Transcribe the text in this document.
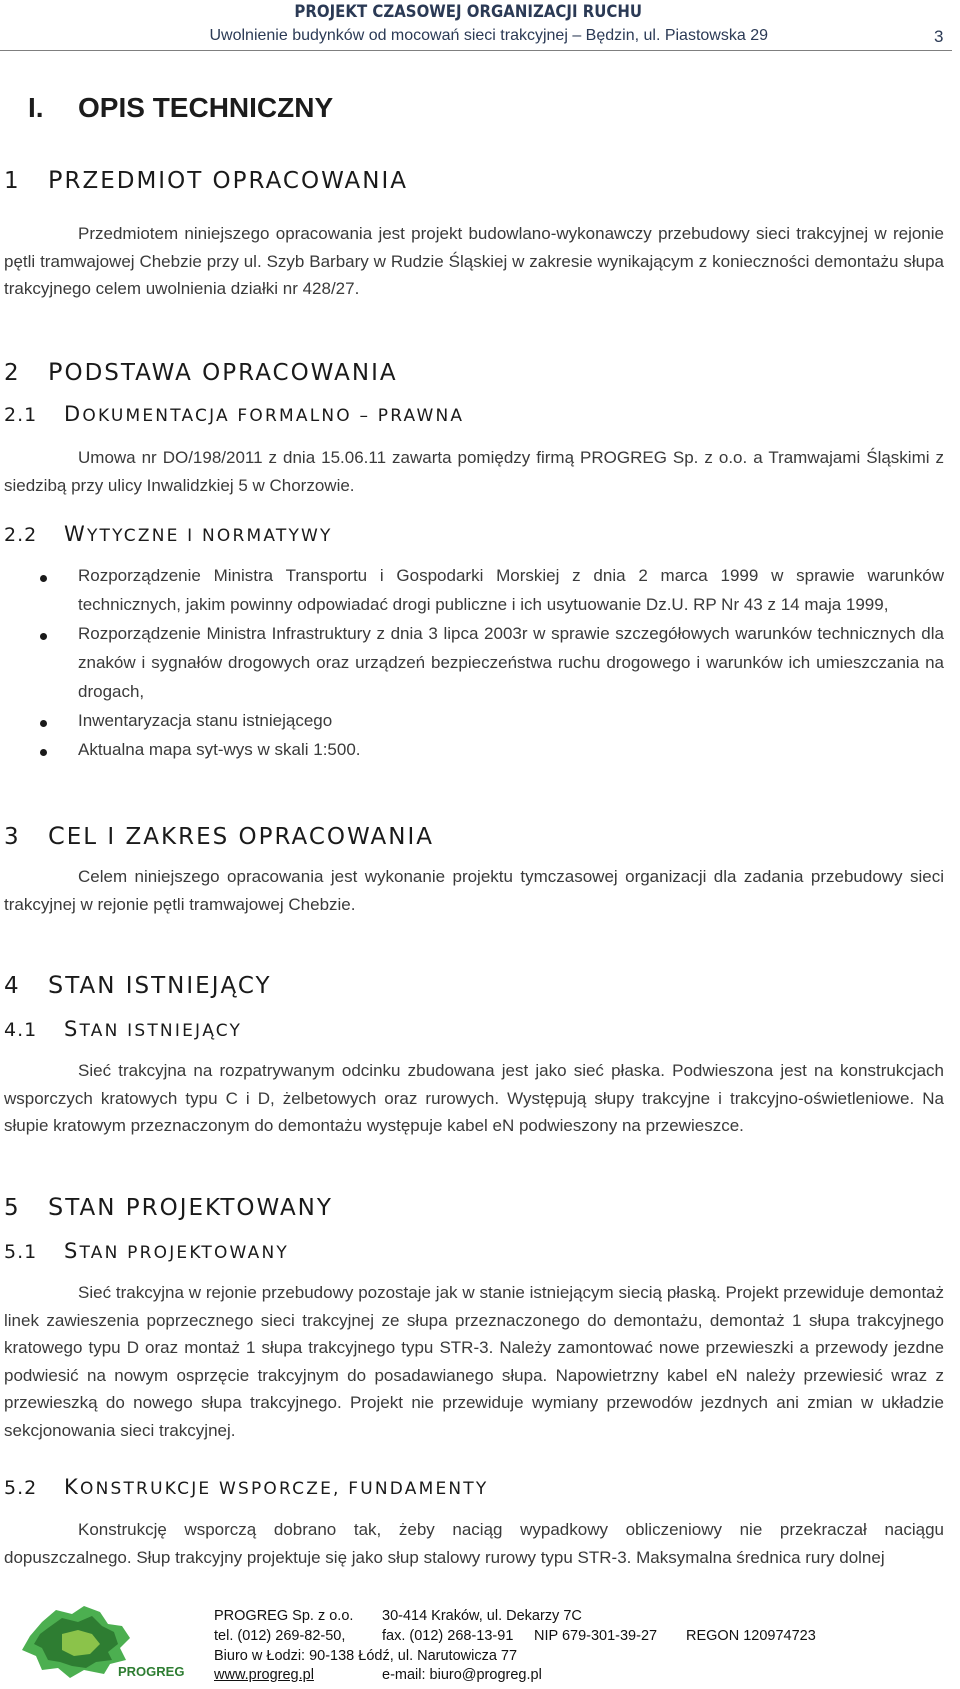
PROJEKT CZASOWEJ ORGANIZACJI RUCHU
Uwolnienie budynków od mocowań sieci trakcyjnej – Będzin, ul. Piastowska 29	3
I. OPIS TECHNICZNY
1 PRZEDMIOT OPRACOWANIA
Przedmiotem niniejszego opracowania jest projekt budowlano-wykonawczy przebudowy sieci trakcyjnej w rejonie pętli tramwajowej Chebzie przy ul. Szyb Barbary w Rudzie Śląskiej w zakresie wynikającym z konieczności demontażu słupa trakcyjnego celem uwolnienia działki nr 428/27.
2 PODSTAWA OPRACOWANIA
2.1 DOKUMENTACJA FORMALNO – PRAWNA
Umowa nr DO/198/2011 z dnia 15.06.11 zawarta pomiędzy firmą PROGREG Sp. z o.o. a Tramwajami Śląskimi z siedzibą przy ulicy Inwalidzkiej 5 w Chorzowie.
2.2 WYTYCZNE I NORMATYWY
Rozporządzenie Ministra Transportu i Gospodarki Morskiej z dnia 2 marca 1999 w sprawie warunków technicznych, jakim powinny odpowiadać drogi publiczne i ich usytuowanie Dz.U. RP Nr 43 z 14 maja 1999,
Rozporządzenie Ministra Infrastruktury z dnia 3 lipca 2003r w sprawie szczegółowych warunków technicznych dla znaków i sygnałów drogowych oraz urządzeń bezpieczeństwa ruchu drogowego i warunków ich umieszczania na drogach,
Inwentaryzacja stanu istniejącego
Aktualna mapa syt-wys w skali 1:500.
3 CEL I ZAKRES OPRACOWANIA
Celem niniejszego opracowania jest wykonanie projektu tymczasowej organizacji dla zadania przebudowy sieci trakcyjnej w rejonie pętli tramwajowej Chebzie.
4 STAN ISTNIEJĄCY
4.1 STAN ISTNIEJĄCY
Sieć trakcyjna na rozpatrywanym odcinku zbudowana jest jako sieć płaska. Podwieszona jest na konstrukcjach wsporczych kratowych typu C i D, żelbetowych oraz rurowych. Występują słupy trakcyjne i trakcyjno-oświetleniowe. Na słupie kratowym przeznaczonym do demontażu występuje kabel eN podwieszony na przewieszce.
5 STAN PROJEKTOWANY
5.1 STAN PROJEKTOWANY
Sieć trakcyjna w rejonie przebudowy pozostaje jak w stanie istniejącym siecią płaską. Projekt przewiduje demontaż linek zawieszenia poprzecznego sieci trakcyjnej ze słupa przeznaczonego do demontażu, demontaż 1 słupa trakcyjnego kratowego typu D oraz montaż 1 słupa trakcyjnego typu STR-3. Należy zamontować nowe przewieszki a przewody jezdne podwiesić na nowym osprzęcie trakcyjnym do posadawianego słupa. Napowietrzny kabel eN należy przewiesić wraz z przewieszką do nowego słupa trakcyjnego. Projekt nie przewiduje wymiany przewodów jezdnych ani zmian w układzie sekcjonowania sieci trakcyjnej.
5.2 KONSTRUKCJE WSPORCZE, FUNDAMENTY
Konstrukcję wsporczą dobrano tak, żeby naciąg wypadkowy obliczeniowy nie przekraczał naciągu dopuszczalnego. Słup trakcyjny projektuje się jako słup stalowy rurowy typu STR-3. Maksymalna średnica rury dolnej
PROGREG
PROGREG Sp. z o.o. 30-414 Kraków, ul. Dekarzy 7C
tel. (012) 269-82-50,	fax. (012) 268-13-91 NIP 679-301-39-27 REGON 120974723
Biuro w Łodzi: 90-138 Łódź, ul. Narutowicza 77
www.progreg.pl	e-mail: biuro@progreg.pl
